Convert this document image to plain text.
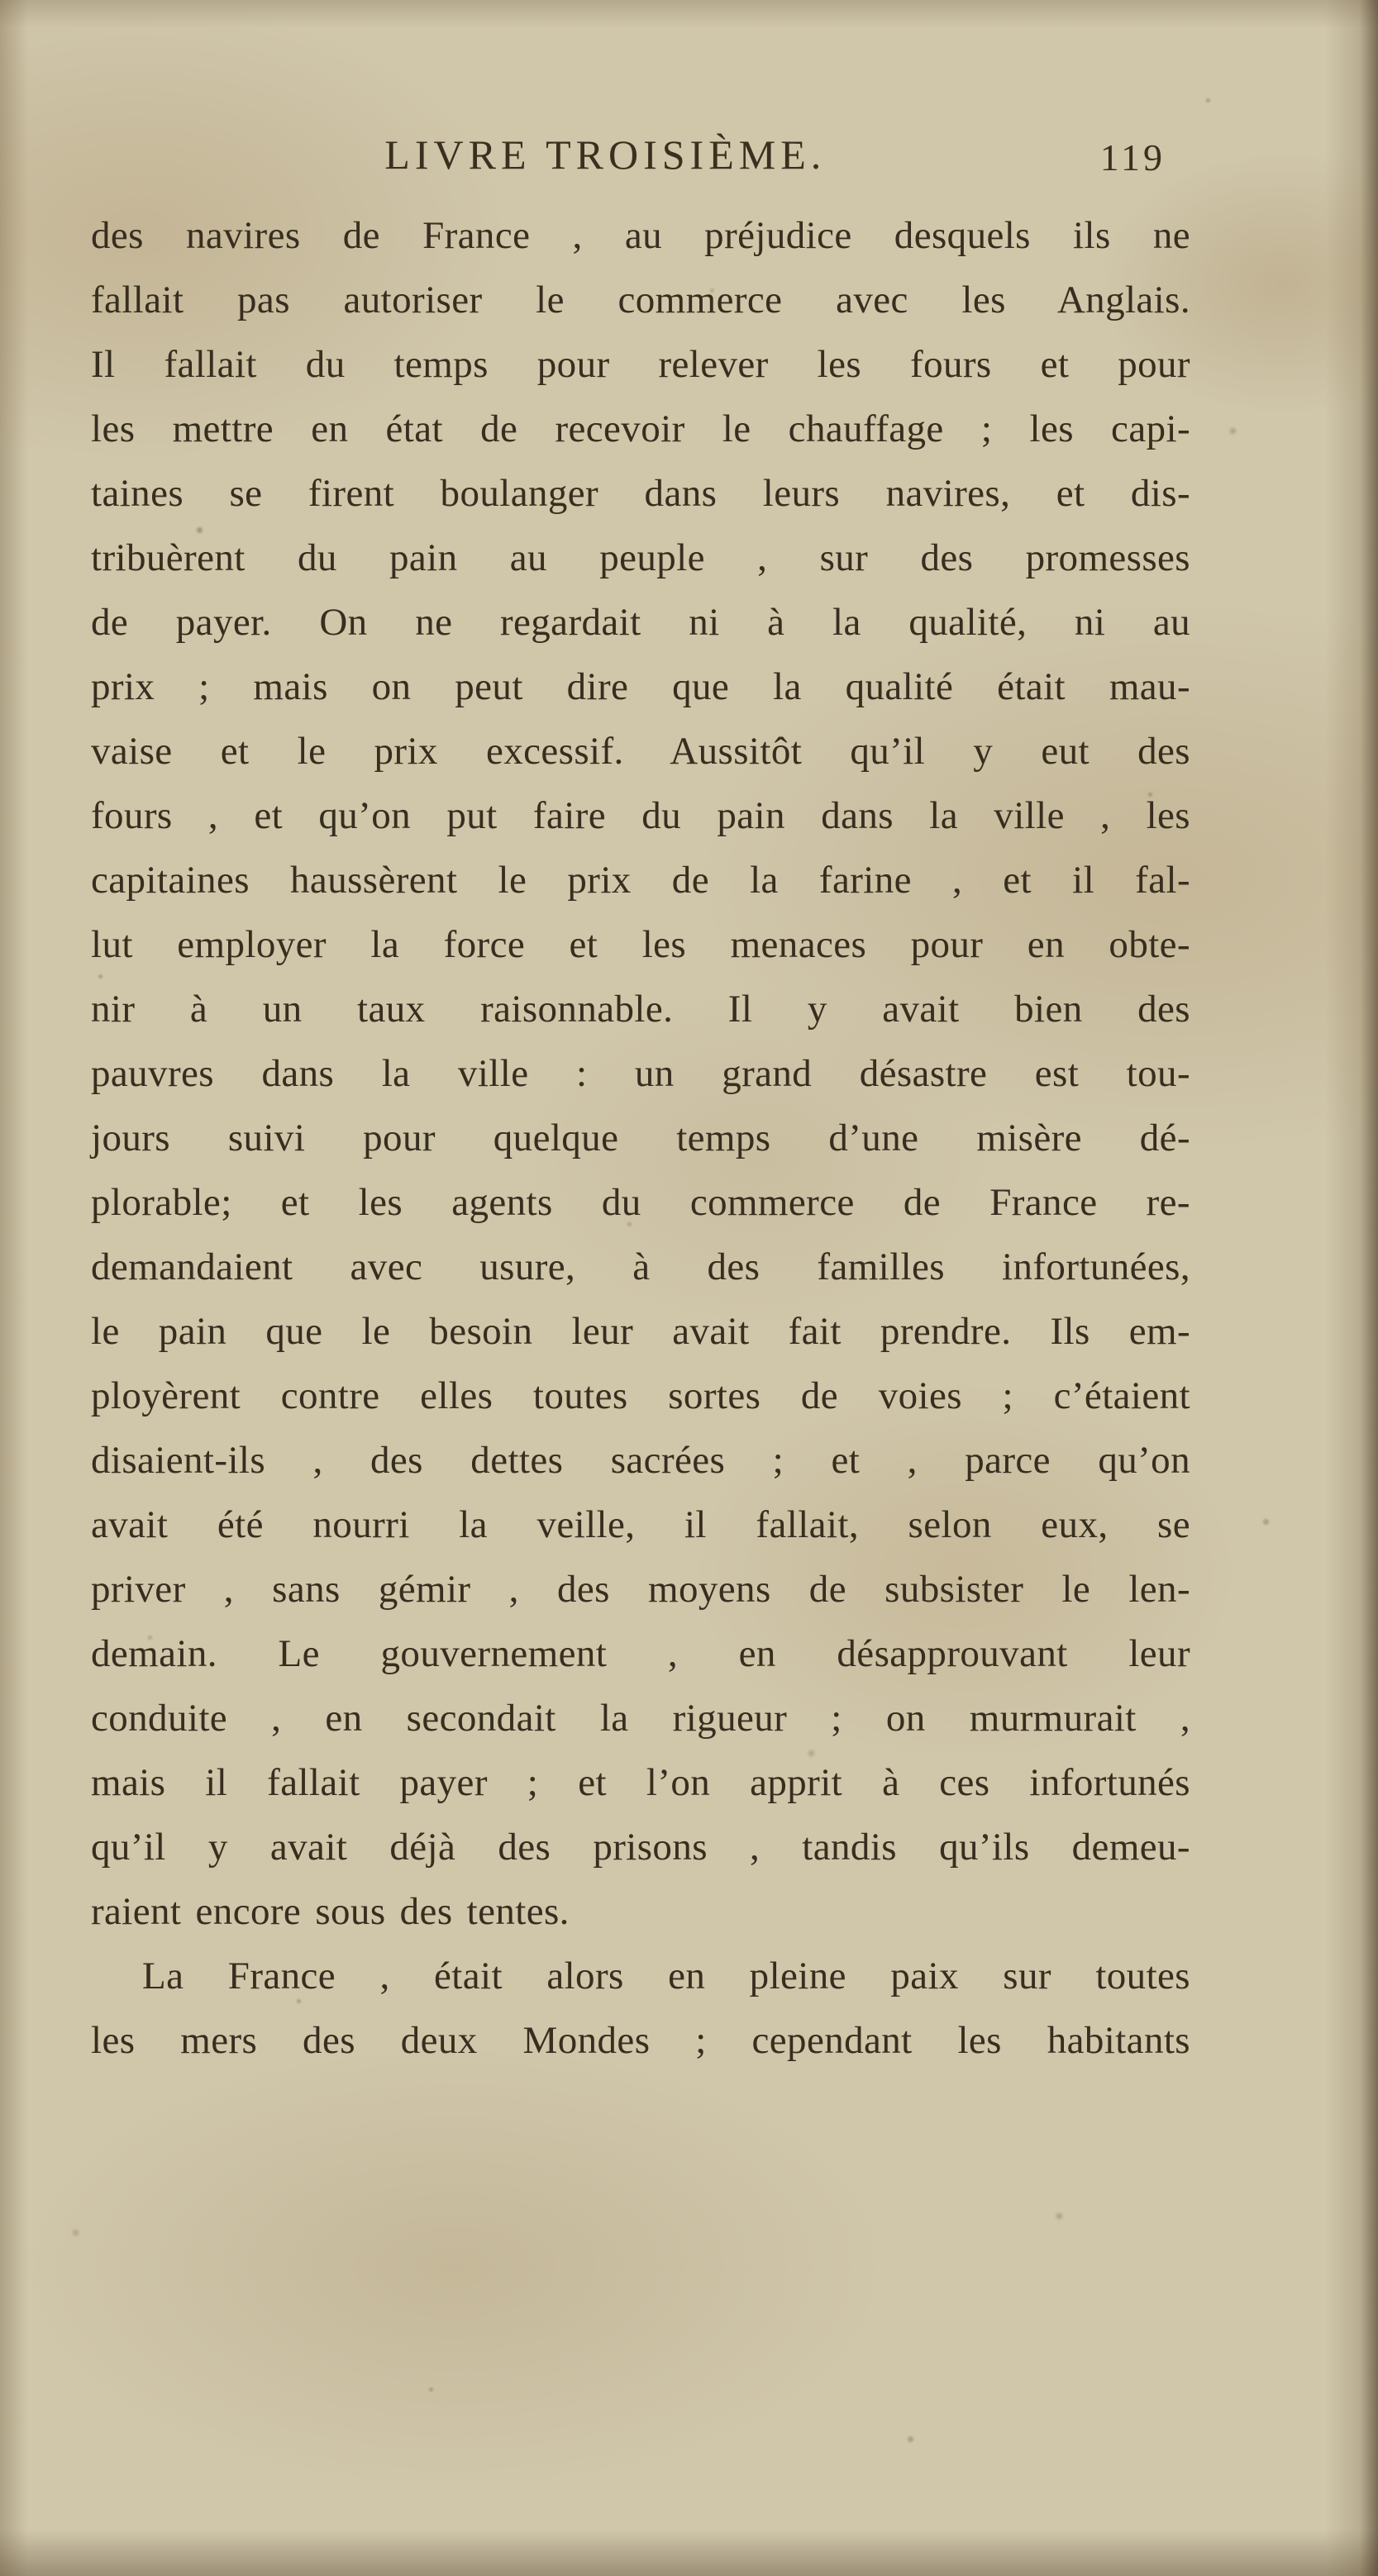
LIVRE TROISIÈME.	119
des navires de France , au préjudice desquels ils ne
fallait pas autoriser le commerce avec les Anglais.
Il fallait du temps pour relever les fours et pour
les mettre en état de recevoir le chauffage ; les capi-
taines se firent boulanger dans leurs navires, et dis-
tribuèrent du pain au peuple , sur des promesses
de payer. On ne regardait ni à la qualité, ni au
prix ; mais on peut dire que la qualité était mau-
vaise et le prix excessif. Aussitôt qu’il y eut des
fours , et qu’on put faire du pain dans la ville , les
capitaines haussèrent le prix de la farine , et il fal-
lut employer la force et les menaces pour en obte-
nir à un taux raisonnable. Il y avait bien des
pauvres dans la ville : un grand désastre est tou-
jours suivi pour quelque temps d’une misère dé-
plorable; et les agents du commerce de France re-
demandaient avec usure, à des familles infortunées,
le pain que le besoin leur avait fait prendre. Ils em-
ployèrent contre elles toutes sortes de voies ; c’étaient
disaient-ils , des dettes sacrées ; et , parce qu’on
avait été nourri la veille, il fallait, selon eux, se
priver , sans gémir , des moyens de subsister le len-
demain. Le gouvernement , en désapprouvant leur
conduite , en secondait la rigueur ; on murmurait ,
mais il fallait payer ; et l’on apprit à ces infortunés
qu’il y avait déjà des prisons , tandis qu’ils demeu-
raient encore sous des tentes.
La France , était alors en pleine paix sur toutes
les mers des deux Mondes ; cependant les habitants
